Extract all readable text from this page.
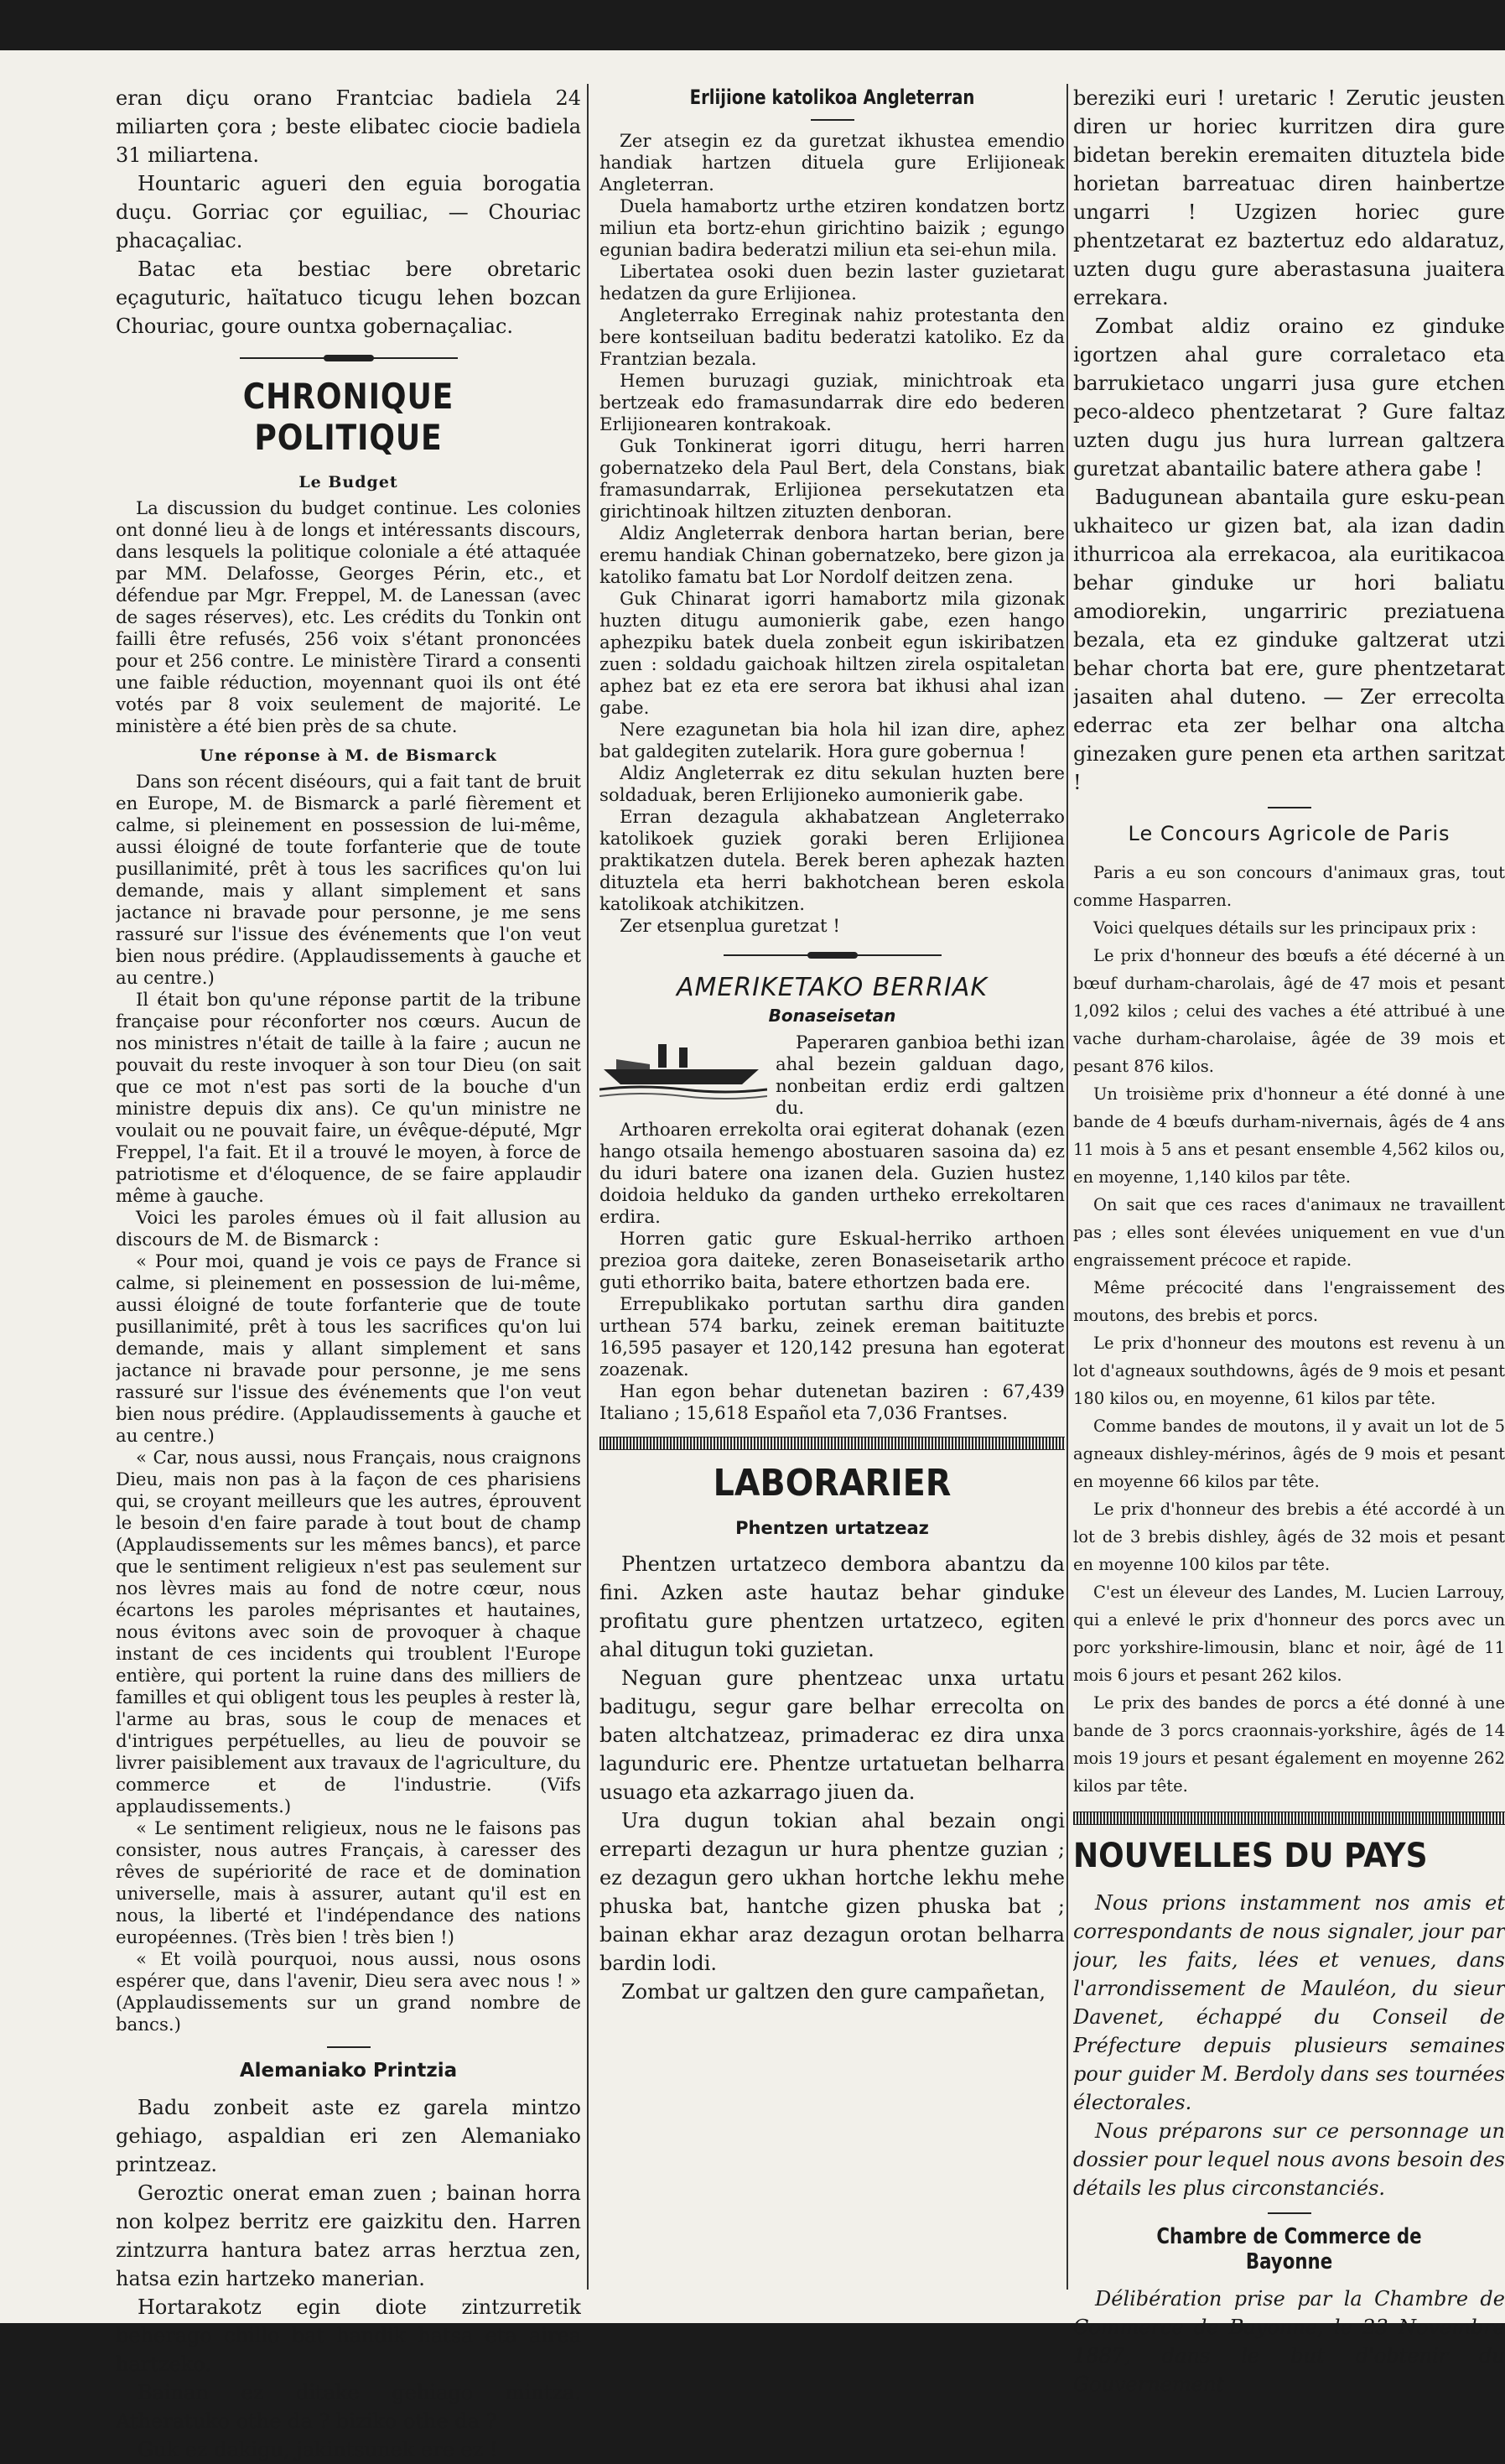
eran diçu orano Frantciac badiela 24 miliarten çora ; beste elibatec ciocie badiela 31 miliartena.

Hountaric agueri den eguia borogatia duçu. Gorriac çor eguiliac, — Chouriac phacaçaliac.

Batac eta bestiac bere obretaric eçaguturic, haïtatuco ticugu lehen bozcan Chouriac, goure ountxa gobernaçaliac.

CHRONIQUE POLITIQUE
Le Budget

La discussion du budget continue. Les colonies ont donné lieu à de longs et intéressants discours, dans lesquels la politique coloniale a été attaquée par MM. Delafosse, Georges Périn, etc., et défendue par Mgr. Freppel, M. de Lanessan (avec de sages réserves), etc. Les crédits du Tonkin ont failli être refusés, 256 voix s'étant prononcées pour et 256 contre. Le ministère Tirard a consenti une faible réduction, moyennant quoi ils ont été votés par 8 voix seulement de majorité. Le ministère a été bien près de sa chute.

Une réponse à M. de Bismarck

Dans son récent diséours, qui a fait tant de bruit en Europe, M. de Bismarck a parlé fièrement et calme, si pleinement en possession de lui-même, aussi éloigné de toute forfanterie que de toute pusillanimité, prêt à tous les sacrifices qu'on lui demande, mais y allant simplement et sans jactance ni bravade pour personne, je me sens rassuré sur l'issue des événements que l'on veut bien nous prédire. (Applaudissements à gauche et au centre.)

Il était bon qu'une réponse partit de la tribune française pour réconforter nos cœurs. Aucun de nos ministres n'était de taille à la faire ; aucun ne pouvait du reste invoquer à son tour Dieu (on sait que ce mot n'est pas sorti de la bouche d'un ministre depuis dix ans). Ce qu'un ministre ne voulait ou ne pouvait faire, un évêque-député, Mgr Freppel, l'a fait. Et il a trouvé le moyen, à force de patriotisme et d'éloquence, de se faire applaudir même à gauche.

Voici les paroles émues où il fait allusion au discours de M. de Bismarck :

« Pour moi, quand je vois ce pays de France si calme, si pleinement en possession de lui-même, aussi éloigné de toute forfanterie que de toute pusillanimité, prêt à tous les sacrifices qu'on lui demande, mais y allant simplement et sans jactance ni bravade pour personne, je me sens rassuré sur l'issue des événements que l'on veut bien nous prédire. (Applaudissements à gauche et au centre.)

« Car, nous aussi, nous Français, nous craignons Dieu, mais non pas à la façon de ces pharisiens qui, se croyant meilleurs que les autres, éprouvent le besoin d'en faire parade à tout bout de champ (Applaudissements sur les mêmes bancs), et parce que le sentiment religieux n'est pas seulement sur nos lèvres mais au fond de notre cœur, nous écartons les paroles méprisantes et hautaines, nous évitons avec soin de provoquer à chaque instant de ces incidents qui troublent l'Europe entière, qui portent la ruine dans des milliers de familles et qui obligent tous les peuples à rester là, l'arme au bras, sous le coup de menaces et d'intrigues perpétuelles, au lieu de pouvoir se livrer paisiblement aux travaux de l'agriculture, du commerce et de l'industrie. (Vifs applaudissements.)

« Le sentiment religieux, nous ne le faisons pas consister, nous autres Français, à caresser des rêves de supériorité de race et de domination universelle, mais à assurer, autant qu'il est en nous, la liberté et l'indépendance des nations européennes. (Très bien ! très bien !)

« Et voilà pourquoi, nous aussi, nous osons espérer que, dans l'avenir, Dieu sera avec nous ! » (Applaudissements sur un grand nombre de bancs.)

Alemaniako Printzia

Badu zonbeit aste ez garela mintzo gehiago, aspaldian eri zen Alemaniako printzeaz.

Geroztic onerat eman zuen ; bainan horra non kolpez berritz ere gaizkitu den. Harren zintzurra hantura batez arras herztua zen, hatsa ezin hartzeko manerian.

Hortarakotz egin diote zintzurretik beherago chillo bat handik hatsa eta airea hartzeko.

Bainan ez ditake gehiago mintza. Atheratuko othe da ? biziko othe da ?

Guk ez dakigu, jakintsunek ere ez !

Erlijione katolikoa Angleterran

Zer atsegin ez da guretzat ikhustea emendio handiak hartzen dituela gure Erlijioneak Angleterran.

Duela hamabortz urthe etziren kondatzen bortz miliun eta bortz-ehun girichtino baizik ; egungo egunian badira bederatzi miliun eta sei-ehun mila.

Libertatea osoki duen bezin laster guzietarat hedatzen da gure Erlijionea.

Angleterrako Erreginak nahiz protestanta den bere kontseiluan baditu bederatzi katoliko. Ez da Frantzian bezala.

Hemen buruzagi guziak, minichtroak eta bertzeak edo framasundarrak dire edo bederen Erlijionearen kontrakoak.

Guk Tonkinerat igorri ditugu, herri harren gobernatzeko dela Paul Bert, dela Constans, biak framasundarrak, Erlijionea persekutatzen eta girichtinoak hiltzen zituzten denboran.

Aldiz Angleterrak denbora hartan berian, bere eremu handiak Chinan gobernatzeko, bere gizon ja katoliko famatu bat Lor Nordolf deitzen zena.

Guk Chinarat igorri hamabortz mila gizonak huzten ditugu aumonierik gabe, ezen hango aphezpiku batek duela zonbeit egun iskiribatzen zuen : soldadu gaichoak hiltzen zirela ospitaletan aphez bat ez eta ere serora bat ikhusi ahal izan gabe.

Nere ezagunetan bia hola hil izan dire, aphez bat galdegiten zutelarik. Hora gure gobernua !

Aldiz Angleterrak ez ditu sekulan huzten bere soldaduak, beren Erlijioneko aumonierik gabe.

Erran dezagula akhabatzean Angleterrako katolikoek guziek goraki beren Erlijionea praktikatzen dutela. Berek beren aphezak hazten dituztela eta herri bakhotchean beren eskola katolikoak atchikitzen.

Zer etsenplua guretzat !

AMERIKETAKO BERRIAK
Bonaseisetan

Paperaren ganbioa bethi izan ahal bezein galduan dago, nonbeitan erdiz erdi galtzen du.

Arthoaren errekolta orai egiterat dohanak (ezen hango otsaila hemengo abostuaren sasoina da) ez du iduri batere ona izanen dela. Guzien hustez doidoia helduko da ganden urtheko errekoltaren erdira.

Horren gatic gure Eskual-herriko arthoen prezioa gora daiteke, zeren Bonaseisetarik artho guti ethorriko baita, batere ethortzen bada ere.

Errepublikako portutan sarthu dira ganden urthean 574 barku, zeinek ereman baitituzte 16,595 pasayer et 120,142 presuna han egoterat zoazenak.

Han egon behar dutenetan baziren : 67,439 Italiano ; 15,618 Español eta 7,036 Frantses.

LABORARIER
Phentzen urtatzeaz

Phentzen urtatzeco dembora abantzu da fini. Azken aste hautaz behar ginduke profitatu gure phentzen urtatzeco, egiten ahal ditugun toki guzietan.

Neguan gure phentzeac unxa urtatu baditugu, segur gare belhar errecolta on baten altchatzeaz, primaderac ez dira unxa lagunduric ere. Phentze urtatuetan belharra usuago eta azkarrago jiuen da.

Ura dugun tokian ahal bezain ongi erreparti dezagun ur hura phentze guzian ; ez dezagun gero ukhan hortche lekhu mehe phuska bat, hantche gizen phuska bat ; bainan ekhar araz dezagun orotan belharra bardin lodi.

Zombat ur galtzen den gure campañetan,

bereziki euri ! uretaric ! Zerutic jeusten diren ur horiec kurritzen dira gure bidetan berekin eremaiten dituztela bide horietan barreatuac diren hainbertze ungarri ! Uzgizen horiec gure phentzetarat ez baztertuz edo aldaratuz, uzten dugu gure aberastasuna juaitera errekara.

Zombat aldiz oraino ez ginduke igortzen ahal gure corraletaco eta barrukietaco ungarri jusa gure etchen peco-aldeco phentzetarat ? Gure faltaz uzten dugu jus hura lurrean galtzera guretzat abantailic batere athera gabe !

Badugunean abantaila gure esku-pean ukhaiteco ur gizen bat, ala izan dadin ithurricoa ala errekacoa, ala euritikacoa behar ginduke ur hori baliatu amodiorekin, ungarriric preziatuena bezala, eta ez ginduke galtzerat utzi behar chorta bat ere, gure phentzetarat jasaiten ahal duteno. — Zer errecolta ederrac eta zer belhar ona altcha ginezaken gure penen eta arthen saritzat !

Le Concours Agricole de Paris

Paris a eu son concours d'animaux gras, tout comme Hasparren.

Voici quelques détails sur les principaux prix :

Le prix d'honneur des bœufs a été décerné à un bœuf durham-charolais, âgé de 47 mois et pesant 1,092 kilos ; celui des vaches a été attribué à une vache durham-charolaise, âgée de 39 mois et pesant 876 kilos.

Un troisième prix d'honneur a été donné à une bande de 4 bœufs durham-nivernais, âgés de 4 ans 11 mois à 5 ans et pesant ensemble 4,562 kilos ou, en moyenne, 1,140 kilos par tête.

On sait que ces races d'animaux ne travaillent pas ; elles sont élevées uniquement en vue d'un engraissement précoce et rapide.

Même précocité dans l'engraissement des moutons, des brebis et porcs.

Le prix d'honneur des moutons est revenu à un lot d'agneaux southdowns, âgés de 9 mois et pesant 180 kilos ou, en moyenne, 61 kilos par tête.

Comme bandes de moutons, il y avait un lot de 5 agneaux dishley-mérinos, âgés de 9 mois et pesant en moyenne 66 kilos par tête.

Le prix d'honneur des brebis a été accordé à un lot de 3 brebis dishley, âgés de 32 mois et pesant en moyenne 100 kilos par tête.

C'est un éleveur des Landes, M. Lucien Larrouy, qui a enlevé le prix d'honneur des porcs avec un porc yorkshire-limousin, blanc et noir, âgé de 11 mois 6 jours et pesant 262 kilos.

Le prix des bandes de porcs a été donné à une bande de 3 porcs craonnais-yorkshire, âgés de 14 mois 19 jours et pesant également en moyenne 262 kilos par tête.

NOUVELLES DU PAYS

Nous prions instamment nos amis et correspondants de nous signaler, jour par jour, les faits, lées et venues, dans l'arrondissement de Mauléon, du sieur Davenet, échappé du Conseil de Préfecture depuis plusieurs semaines pour guider M. Berdoly dans ses tournées électorales.

Nous préparons sur ce personnage un dossier pour lequel nous avons besoin des détails les plus circonstanciés.

Chambre de Commerce de Bayonne

Délibération prise par la Chambre de Commerce de Bayonne, le 23 Novembre 1887, dans le but d'obtenir du Gouvernement
